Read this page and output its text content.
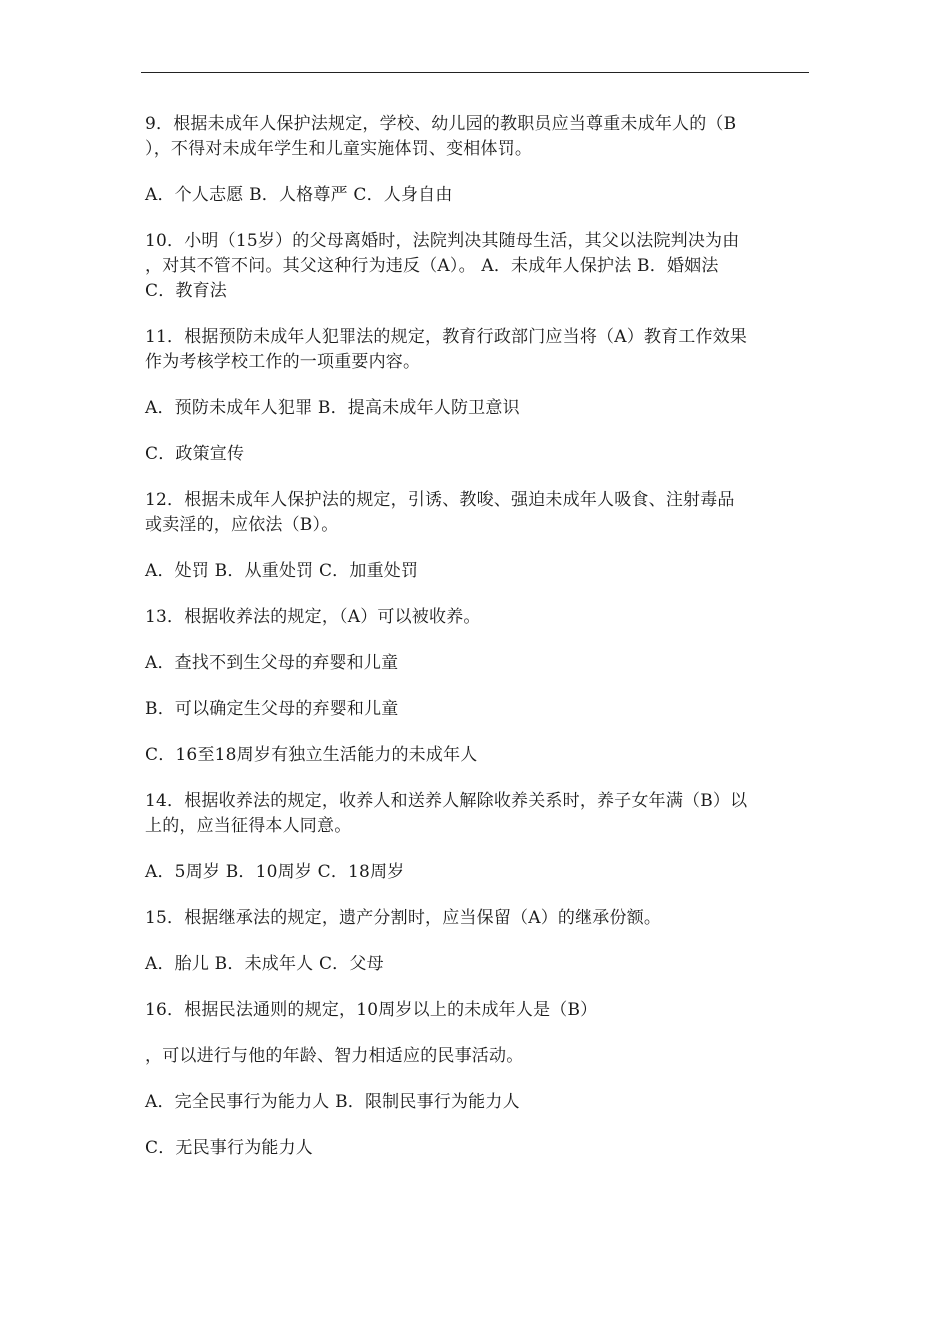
9．根据未成年人保护法规定，学校、幼儿园的教职员应当尊重未成年人的（B
），不得对未成年学生和儿童实施体罚、变相体罚。

A．个人志愿 B．人格尊严 C．人身自由

10．小明（15岁）的父母离婚时，法院判决其随母生活，其父以法院判决为由
，对其不管不问。其父这种行为违反（A）。 A．未成年人保护法 B．婚姻法
C．教育法

11．根据预防未成年人犯罪法的规定，教育行政部门应当将（A）教育工作效果
作为考核学校工作的一项重要内容。

A．预防未成年人犯罪 B．提高未成年人防卫意识

C．政策宣传

12．根据未成年人保护法的规定，引诱、教唆、强迫未成年人吸食、注射毒品
或卖淫的，应依法（B）。

A．处罚 B．从重处罚 C．加重处罚

13．根据收养法的规定，（A）可以被收养。

A．查找不到生父母的弃婴和儿童

B．可以确定生父母的弃婴和儿童

C．16至18周岁有独立生活能力的未成年人

14．根据收养法的规定，收养人和送养人解除收养关系时，养子女年满（B）以
上的，应当征得本人同意。

A．5周岁 B．10周岁 C．18周岁

15．根据继承法的规定，遗产分割时，应当保留（A）的继承份额。

A．胎儿 B．未成年人 C．父母

16．根据民法通则的规定，10周岁以上的未成年人是（B）

，可以进行与他的年龄、智力相适应的民事活动。

A．完全民事行为能力人 B．限制民事行为能力人

C．无民事行为能力人
